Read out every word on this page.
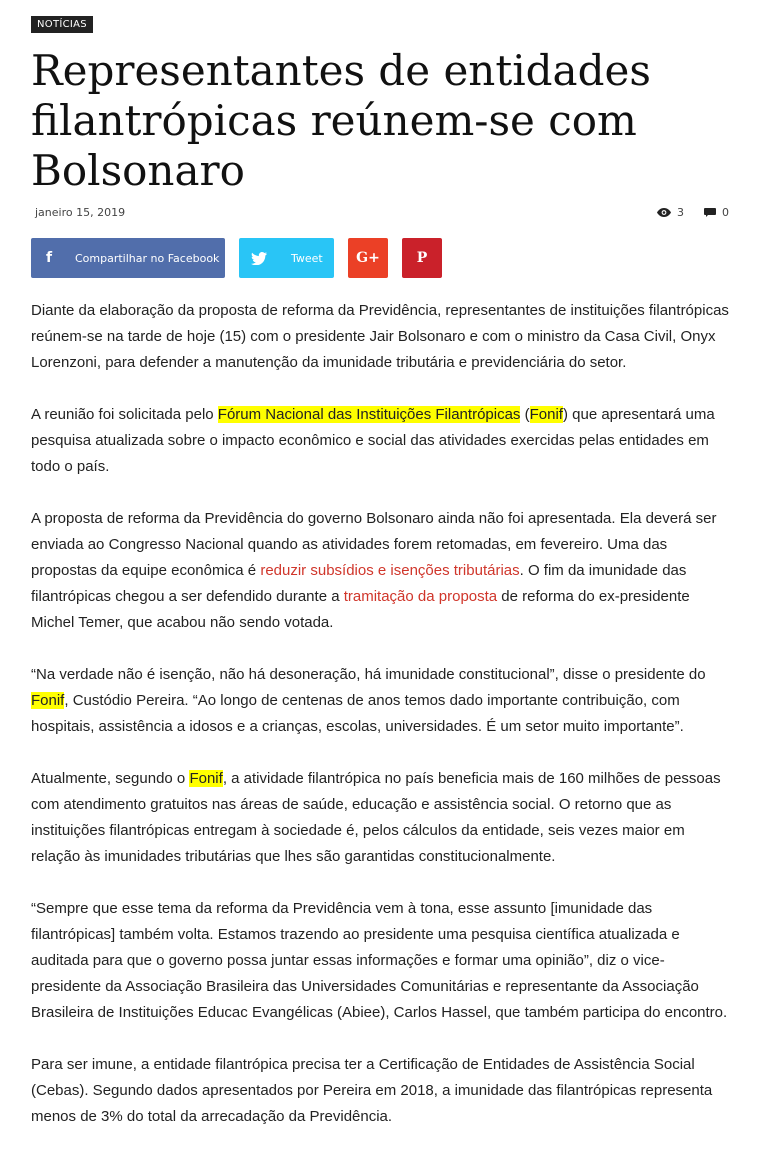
NOTÍCIAS
Representantes de entidades filantrópicas reúnem-se com Bolsonaro
janeiro 15, 2019	3	0
f	Compartilhar no Facebook	Tweet G+	P

Diante da elaboração da proposta de reforma da Previdência, representantes de instituições filantrópicas reúnem-se na tarde de hoje (15) com o presidente Jair Bolsonaro e com o ministro da Casa Civil, Onyx Lorenzoni, para defender a manutenção da imunidade tributária e previdenciária do setor.

A reunião foi solicitada pelo Fórum Nacional das Instituições Filantrópicas (Fonif) que apresentará uma pesquisa atualizada sobre o impacto econômico e social das atividades exercidas pelas entidades em todo o país.

A proposta de reforma da Previdência do governo Bolsonaro ainda não foi apresentada. Ela deverá ser enviada ao Congresso Nacional quando as atividades forem retomadas, em fevereiro. Uma das propostas da equipe econômica é reduzir subsídios e isenções tributárias. O fim da imunidade das filantrópicas chegou a ser defendido durante a tramitação da proposta de reforma do ex-presidente Michel Temer, que acabou não sendo votada.

“Na verdade não é isenção, não há desoneração, há imunidade constitucional”, disse o presidente do Fonif, Custódio Pereira. “Ao longo de centenas de anos temos dado importante contribuição, com hospitais, assistência a idosos e a crianças, escolas, universidades. É um setor muito importante”.

Atualmente, segundo o Fonif, a atividade filantrópica no país beneficia mais de 160 milhões de pessoas com atendimento gratuitos nas áreas de saúde, educação e assistência social. O retorno que as instituições filantrópicas entregam à sociedade é, pelos cálculos da entidade, seis vezes maior em relação às imunidades tributárias que lhes são garantidas constitucionalmente.

“Sempre que esse tema da reforma da Previdência vem à tona, esse assunto [imunidade das filantrópicas] também volta. Estamos trazendo ao presidente uma pesquisa científica atualizada e auditada para que o governo possa juntar essas informações e formar uma opinião”, diz o vice-presidente da Associação Brasileira das Universidades Comunitárias e representante da Associação Brasileira de Instituições Educac Evangélicas (Abiee), Carlos Hassel, que também participa do encontro.

Para ser imune, a entidade filantrópica precisa ter a Certificação de Entidades de Assistência Social (Cebas). Segundo dados apresentados por Pereira em 2018, a imunidade das filantrópicas representa menos de 3% do total da arrecadação da Previdência.
